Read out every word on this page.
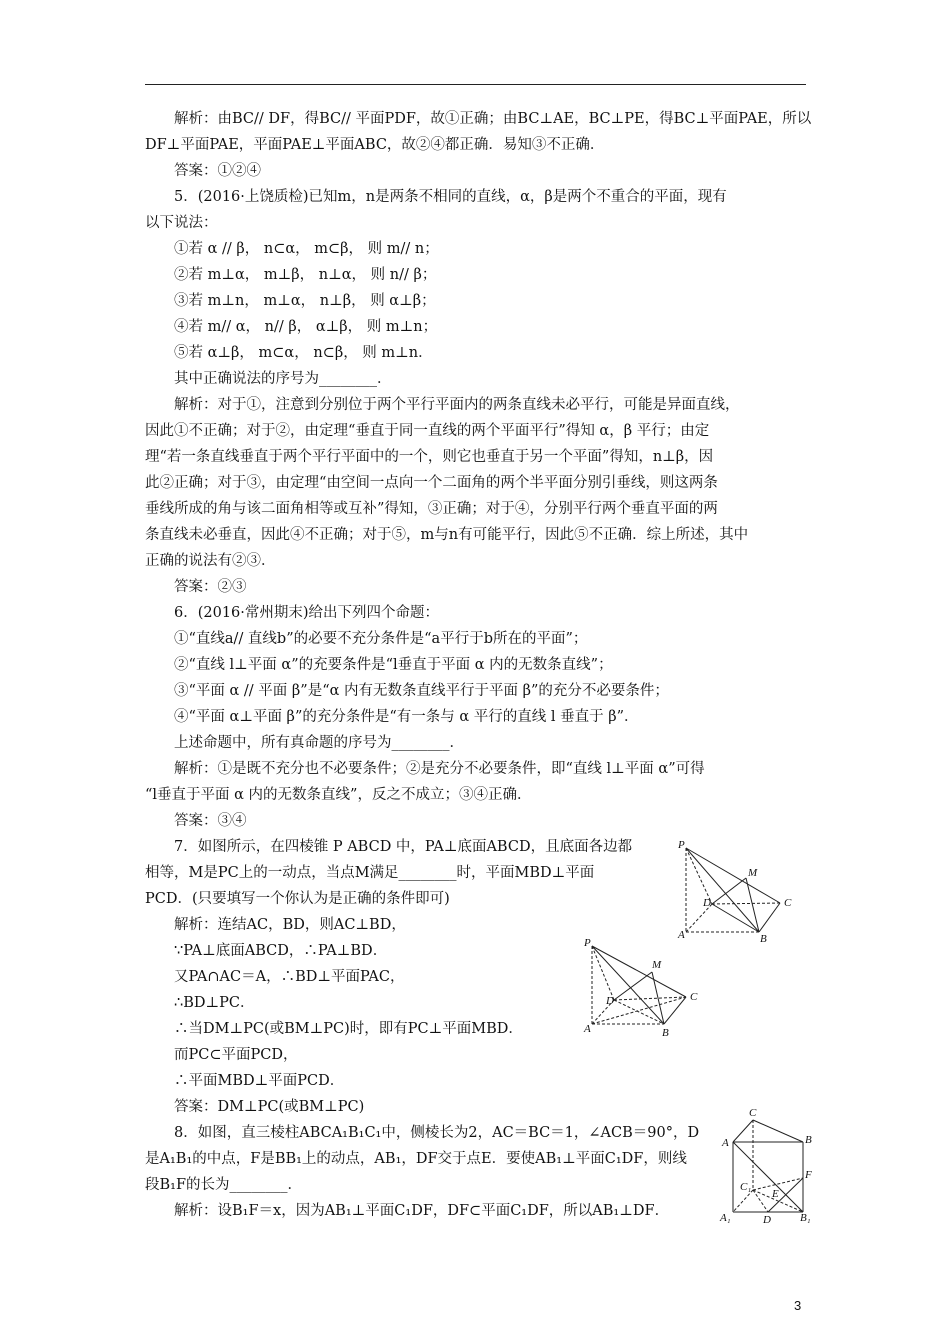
解析：由BC// DF，得BC// 平面PDF，故①正确；由BC⊥AE，BC⊥PE，得BC⊥平面PAE，所以
DF⊥平面PAE，平面PAE⊥平面ABC，故②④都正确．易知③不正确．
答案：①②④
5．(2016·上饶质检)已知m，n是两条不相同的直线，α，β是两个不重合的平面，现有
以下说法：
①若 α // β， n⊂α， m⊂β， 则 m// n；
②若 m⊥α， m⊥β， n⊥α， 则 n// β；
③若 m⊥n， m⊥α， n⊥β， 则 α⊥β；
④若 m// α， n// β， α⊥β， 则 m⊥n；
⑤若 α⊥β， m⊂α， n⊂β， 则 m⊥n．
其中正确说法的序号为________．
解析：对于①，注意到分别位于两个平行平面内的两条直线未必平行，可能是异面直线，
因此①不正确；对于②，由定理“垂直于同一直线的两个平面平行”得知 α，β 平行；由定
理“若一条直线垂直于两个平行平面中的一个，则它也垂直于另一个平面”得知，n⊥β，因
此②正确；对于③，由定理“由空间一点向一个二面角的两个半平面分别引垂线，则这两条
垂线所成的角与该二面角相等或互补”得知，③正确；对于④，分别平行两个垂直平面的两
条直线未必垂直，因此④不正确；对于⑤，m与n有可能平行，因此⑤不正确．综上所述，其中
正确的说法有②③．
答案：②③
6．(2016·常州期末)给出下列四个命题：
①“直线a// 直线b”的必要不充分条件是“a平行于b所在的平面”；
②“直线 l⊥平面 α”的充要条件是“l垂直于平面 α 内的无数条直线”；
③“平面 α // 平面 β”是“α 内有无数条直线平行于平面 β”的充分不必要条件；
④“平面 α⊥平面 β”的充分条件是“有一条与 α 平行的直线 l 垂直于 β”．
上述命题中，所有真命题的序号为________．
解析：①是既不充分也不必要条件；②是充分不必要条件，即“直线 l⊥平面 α”可得
“l垂直于平面 α 内的无数条直线”，反之不成立；③④正确．
答案：③④
7．如图所示，在四棱锥 P ABCD 中，PA⊥底面ABCD，且底面各边都
相等，M是PC上的一动点，当点M满足________时，平面MBD⊥平面
PCD．(只要填写一个你认为是正确的条件即可)
解析：连结AC，BD，则AC⊥BD，
∵PA⊥底面ABCD，∴PA⊥BD．
又PA∩AC＝A，∴BD⊥平面PAC，
∴BD⊥PC．
∴当DM⊥PC(或BM⊥PC)时，即有PC⊥平面MBD．
而PC⊂平面PCD，
∴平面MBD⊥平面PCD．
答案：DM⊥PC(或BM⊥PC)
8．如图，直三棱柱ABCA₁B₁C₁中，侧棱长为2，AC＝BC＝1，∠ACB＝90°，D
是A₁B₁的中点，F是BB₁上的动点，AB₁，DF交于点E．要使AB₁⊥平面C₁DF，则线
段B₁F的长为________．
解析：设B₁F＝x，因为AB₁⊥平面C₁DF，DF⊂平面C₁DF，所以AB₁⊥DF．
P
M
D	C
A	B
P
M
D	C
A	B
C
A	B
F
C₁
E
A₁	D	B₁
3
